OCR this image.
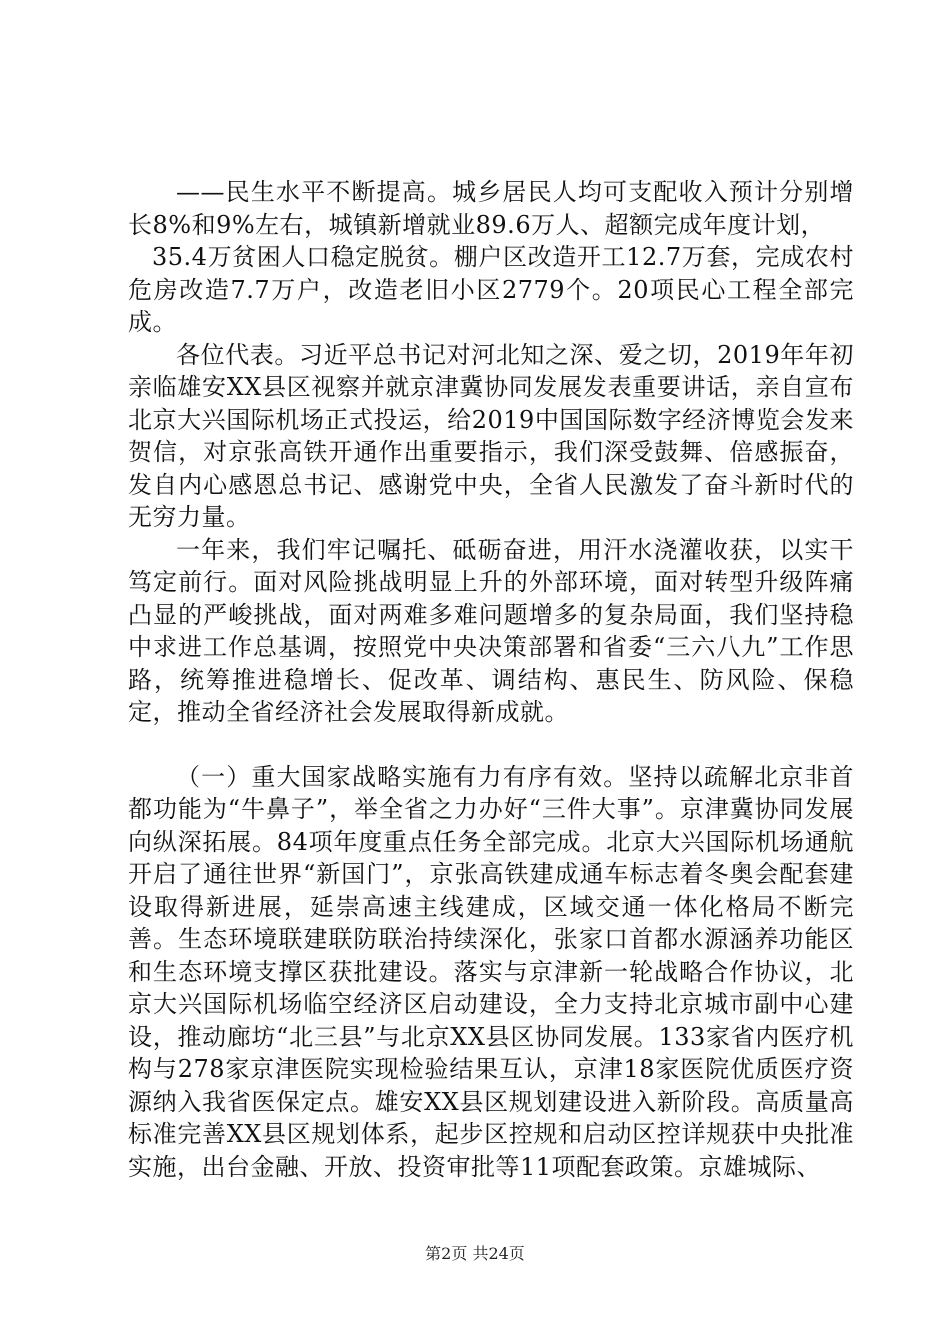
——民生水平不断提高。城乡居民人均可支配收入预计分别增长8%和9%左右，城镇新增就业89.6万人、超额完成年度计划，

35.4万贫困人口稳定脱贫。棚户区改造开工12.7万套，完成农村危房改造7.7万户，改造老旧小区2779个。20项民心工程全部完成。

各位代表。习近平总书记对河北知之深、爱之切，2019年年初亲临雄安XX县区视察并就京津冀协同发展发表重要讲话，亲自宣布北京大兴国际机场正式投运，给2019中国国际数字经济博览会发来贺信，对京张高铁开通作出重要指示，我们深受鼓舞、倍感振奋，发自内心感恩总书记、感谢党中央，全省人民激发了奋斗新时代的无穷力量。

一年来，我们牢记嘱托、砥砺奋进，用汗水浇灌收获，以实干笃定前行。面对风险挑战明显上升的外部环境，面对转型升级阵痛凸显的严峻挑战，面对两难多难问题增多的复杂局面，我们坚持稳中求进工作总基调，按照党中央决策部署和省委“三六八九”工作思路，统筹推进稳增长、促改革、调结构、惠民生、防风险、保稳定，推动全省经济社会发展取得新成就。

（一）重大国家战略实施有力有序有效。坚持以疏解北京非首都功能为“牛鼻子”，举全省之力办好“三件大事”。京津冀协同发展向纵深拓展。84项年度重点任务全部完成。北京大兴国际机场通航开启了通往世界“新国门”，京张高铁建成通车标志着冬奥会配套建设取得新进展，延崇高速主线建成，区域交通一体化格局不断完善。生态环境联建联防联治持续深化，张家口首都水源涵养功能区和生态环境支撑区获批建设。落实与京津新一轮战略合作协议，北京大兴国际机场临空经济区启动建设，全力支持北京城市副中心建设，推动廊坊“北三县”与北京XX县区协同发展。133家省内医疗机构与278家京津医院实现检验结果互认，京津18家医院优质医疗资源纳入我省医保定点。雄安XX县区规划建设进入新阶段。高质量高标准完善XX县区规划体系，起步区控规和启动区控详规获中央批准实施，出台金融、开放、投资审批等11项配套政策。京雄城际、

第2页 共24页
